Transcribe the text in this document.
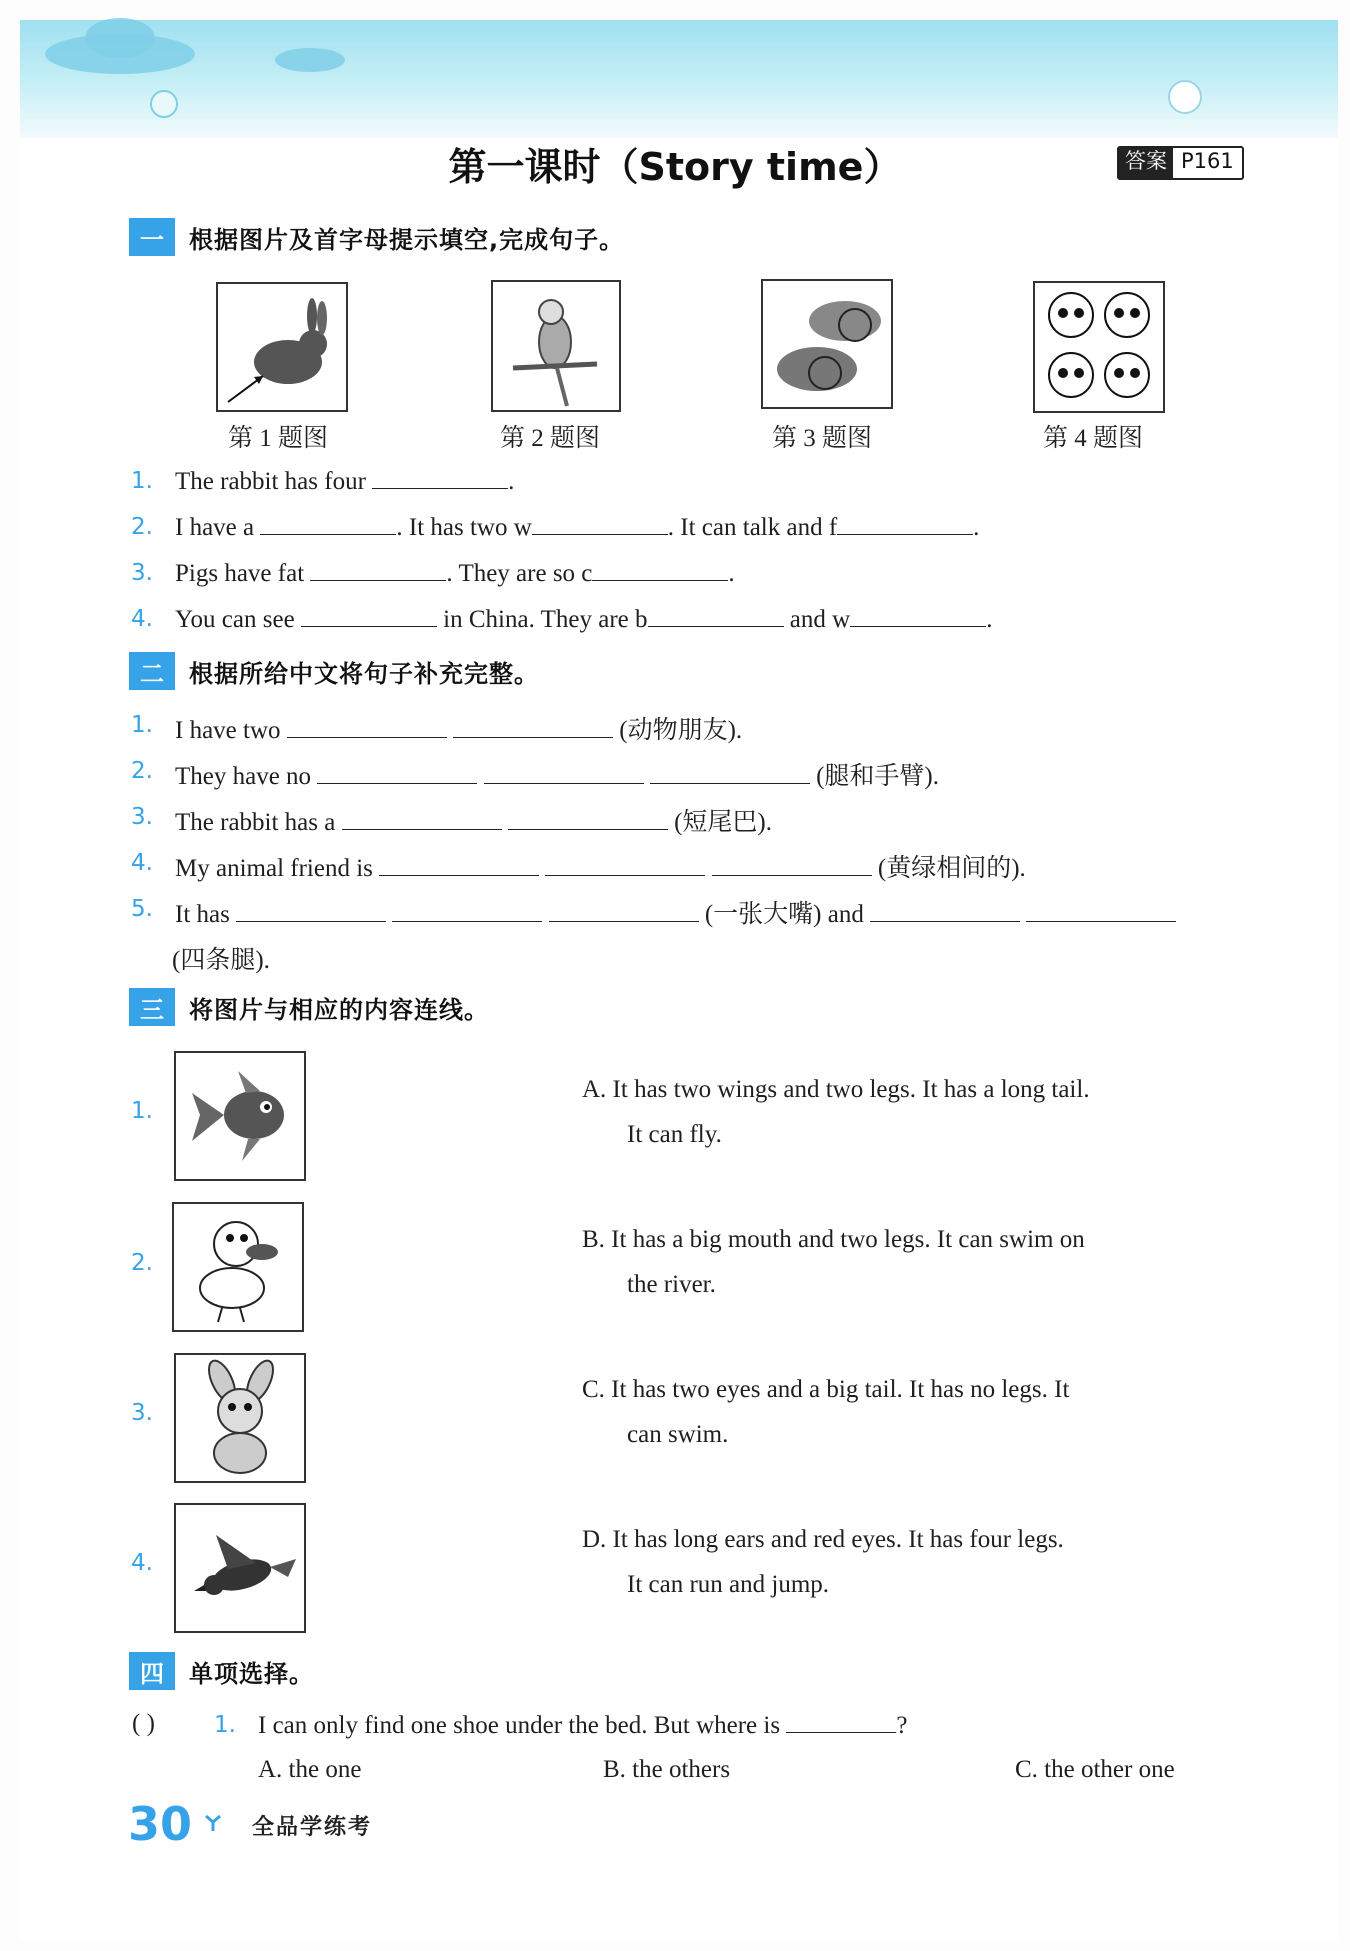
第一课时（Story time）	答案 P161
一	根据图片及首字母提示填空,完成句子。
第 1 题图	第 2 题图	第 3 题图	第 4 题图
1. The rabbit has four	.
2. I have a	. It has two w	. It can talk and f	.
3. Pigs have fat	. They are so c	.
4. You can see	in China. They are b	and w	.
二	根据所给中文将句子补充完整。
1. I have two	(动物朋友).
2. They have no	(腿和手臂).
3. The rabbit has a	(短尾巴).
4. My animal friend is	(黄绿相间的).
5. It has	(一张大嘴) and
(四条腿).
三	将图片与相应的内容连线。
1.
2.
3.
4.
A. It has two wings and two legs. It has a long tail.
It can fly.
B. It has a big mouth and two legs. It can swim on
the river.
C. It has two eyes and a big tail. It has no legs. It
can swim.
D. It has long ears and red eyes. It has four legs.
It can run and jump.
四	单项选择。
( )	1. I can only find one shoe under the bed. But where is	?
A. the one	B. the others	C. the other one
30	全品学练考
